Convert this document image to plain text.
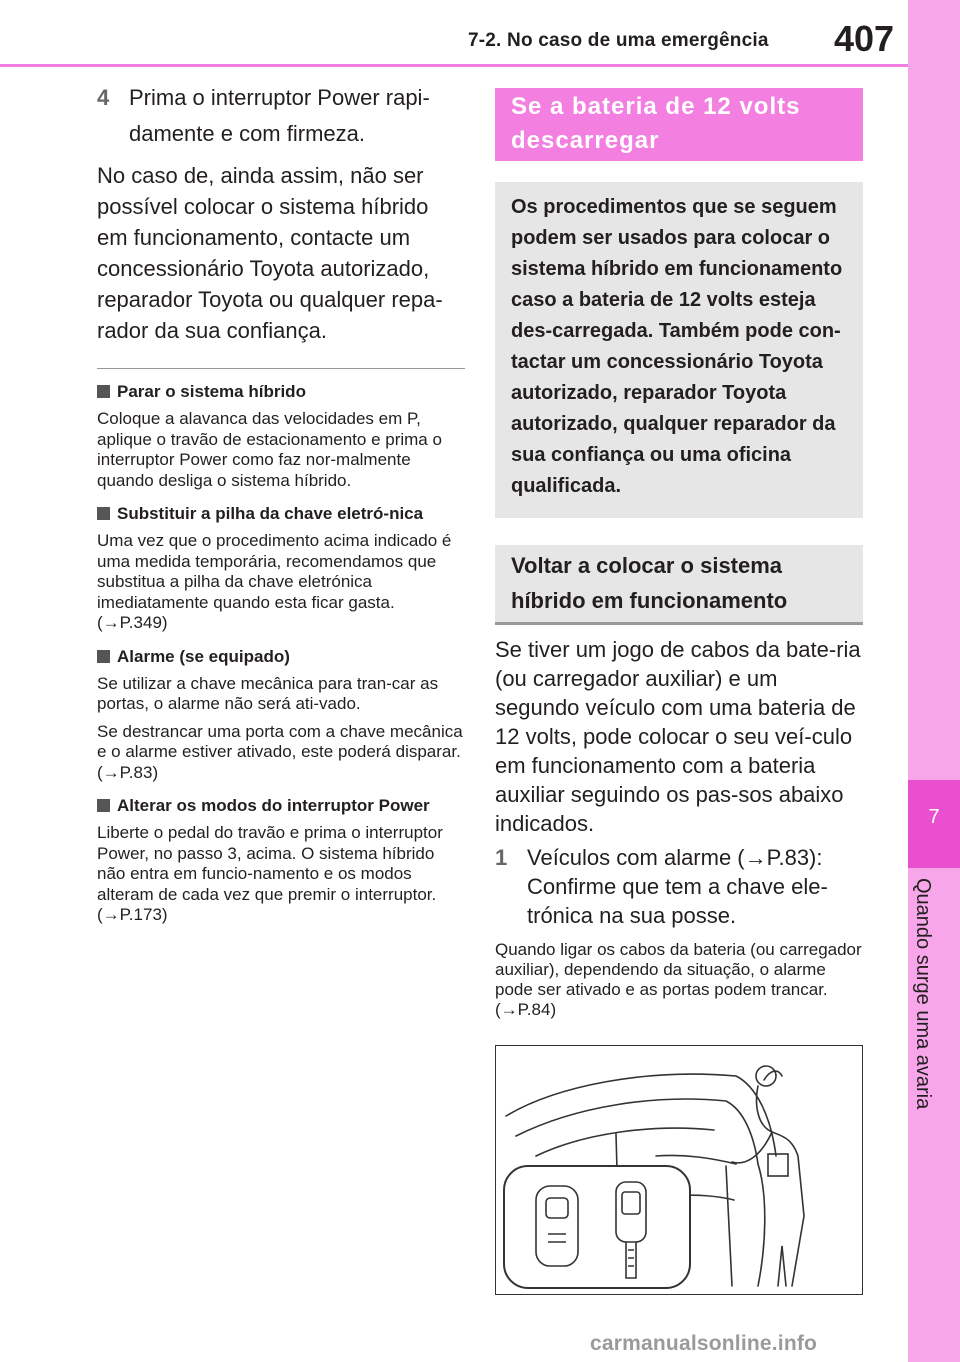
7-2. No caso de uma emergência 407
7
Quando surge uma avaria
4 Prima o interruptor Power rapi-damente e com firmeza.

No caso de, ainda assim, não ser possível colocar o sistema híbrido em funcionamento, contacte um concessionário Toyota autorizado, reparador Toyota ou qualquer repa-rador da sua confiança.

Parar o sistema híbrido
Coloque a alavanca das velocidades em P, aplique o travão de estacionamento e prima o interruptor Power como faz nor-malmente quando desliga o sistema híbrido.
Substituir a pilha da chave eletró-nica
Uma vez que o procedimento acima indicado é uma medida temporária, recomendamos que substitua a pilha da chave eletrónica imediatamente quando esta ficar gasta. (→P.349)
Alarme (se equipado)
Se utilizar a chave mecânica para tran-car as portas, o alarme não será ati-vado.
Se destrancar uma porta com a chave mecânica e o alarme estiver ativado, este poderá disparar. (→P.83)
Alterar os modos do interruptor Power
Liberte o pedal do travão e prima o interruptor Power, no passo 3, acima. O sistema híbrido não entra em funcio-namento e os modos alteram de cada vez que premir o interruptor. (→P.173)
Se a bateria de 12 volts descarregar
Os procedimentos que se seguem podem ser usados para colocar o sistema híbrido em funcionamento caso a bateria de 12 volts esteja des-carregada. Também pode con-tactar um concessionário Toyota autorizado, reparador Toyota autorizado, qualquer reparador da sua confiança ou uma oficina qualificada.
Voltar a colocar o sistema híbrido em funcionamento
Se tiver um jogo de cabos da bate-ria (ou carregador auxiliar) e um segundo veículo com uma bateria de 12 volts, pode colocar o seu veí-culo em funcionamento com a bateria auxiliar seguindo os pas-sos abaixo indicados.
1 Veículos com alarme (→P.83): Confirme que tem a chave ele-trónica na sua posse.
Quando ligar os cabos da bateria (ou carregador auxiliar), dependendo da situação, o alarme pode ser ativado e as portas podem trancar. (→P.84)
carmanualsonline.info
